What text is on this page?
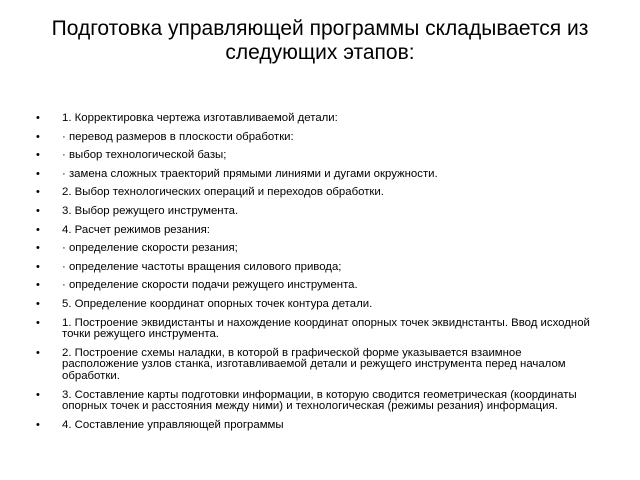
Подготовка управляющей программы складывается из следующих этапов:
• 1. Корректировка чертежа изготавливаемой детали:
• · перевод размеров в плоскости обработки:
• · выбор технологической базы;
• · замена сложных траекторий прямыми линиями и дугами окружности.
• 2. Выбор технологических операций и переходов обработки.
• 3. Выбор режущего инструмента.
• 4. Расчет режимов резания:
• · определение скорости резания;
• · определение частоты вращения силового привода;
• · определение скорости подачи режущего инструмента.
• 5. Определение координат опорных точек контура детали.
• 1. Построение эквидистанты и нахождение координат опорных точек эквиднстанты. Ввод исходной точки режущего инструмента.
• 2. Построение схемы наладки, в которой в графической форме указывается взаимное расположение узлов станка, изготавливаемой детали и режущего инструмента перед началом обработки.
• 3. Составление карты подготовки информации, в которую сводится геометрическая (координаты опорных точек и расстояния между ними) и технологическая (режимы резания) информация.
• 4. Составление управляющей программы
